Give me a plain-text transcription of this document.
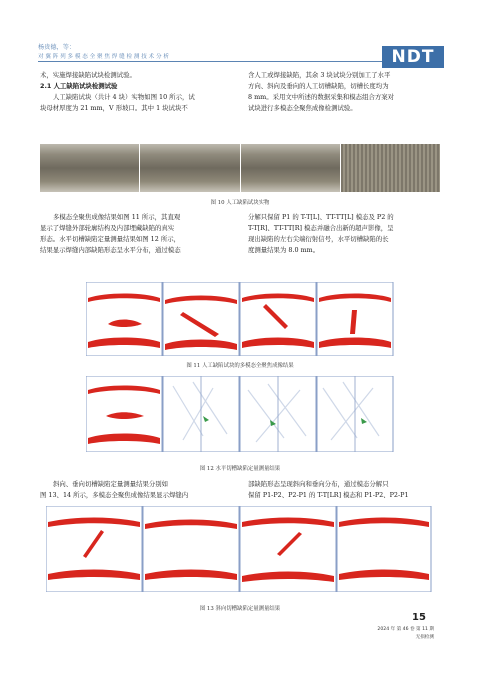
杨贵德，等：
对 翼 阵 列 多 模 态 全 聚 焦 焊 缝 检 测 技 术 分 析	NDT
术，实施焊接缺陷试块检测试验。
2.1 人工缺陷试块检测试验
人工缺陷试块（共计 4 块）实物如图 10 所示，试
块母材厚度为 21 mm，V 形坡口。其中 1 块试块不
含人工或焊接缺陷，其余 3 块试块分别加工了水平
方向、斜向及垂向的人工切槽缺陷，切槽长度均为
8 mm。采用文中所述的数据采集和模态组合方案对
试块进行多模态全聚焦成像检测试验。
图 10 人工缺陷试块实物
多模态全聚焦成像结果如图 11 所示，其直观
显示了焊缝外部轮廓结构及内部埋藏缺陷的真实
形态。水平切槽缺陷定量测量结果如图 12 所示，
结果显示焊缝内部缺陷形态呈水平分布，通过模态
分解只保留 P1 的 T-T[L]、TT-TT[L] 模态及 P2 的
T-T[R]、TT-TT[R] 模态并融合出新的超声影像，呈
现出缺陷的左右尖端衍射信号，水平切槽缺陷的长
度测量结果为 8.0 mm。
图 11 人工缺陷试块的多模态全聚焦成像结果
图 12 水平切槽缺陷定量测量结果
斜向、垂向切槽缺陷定量测量结果分别如
图 13、14 所示，多模态全聚焦成像结果显示焊缝内
部缺陷形态呈现斜向和垂向分布，通过模态分解只
保留 P1-P2、P2-P1 的 T-T[LR] 模态和 P1-P2、P2-P1
图 13 斜向切槽缺陷定量测量结果
15
2024 年 第 46 卷 第 11 期
无损检测
